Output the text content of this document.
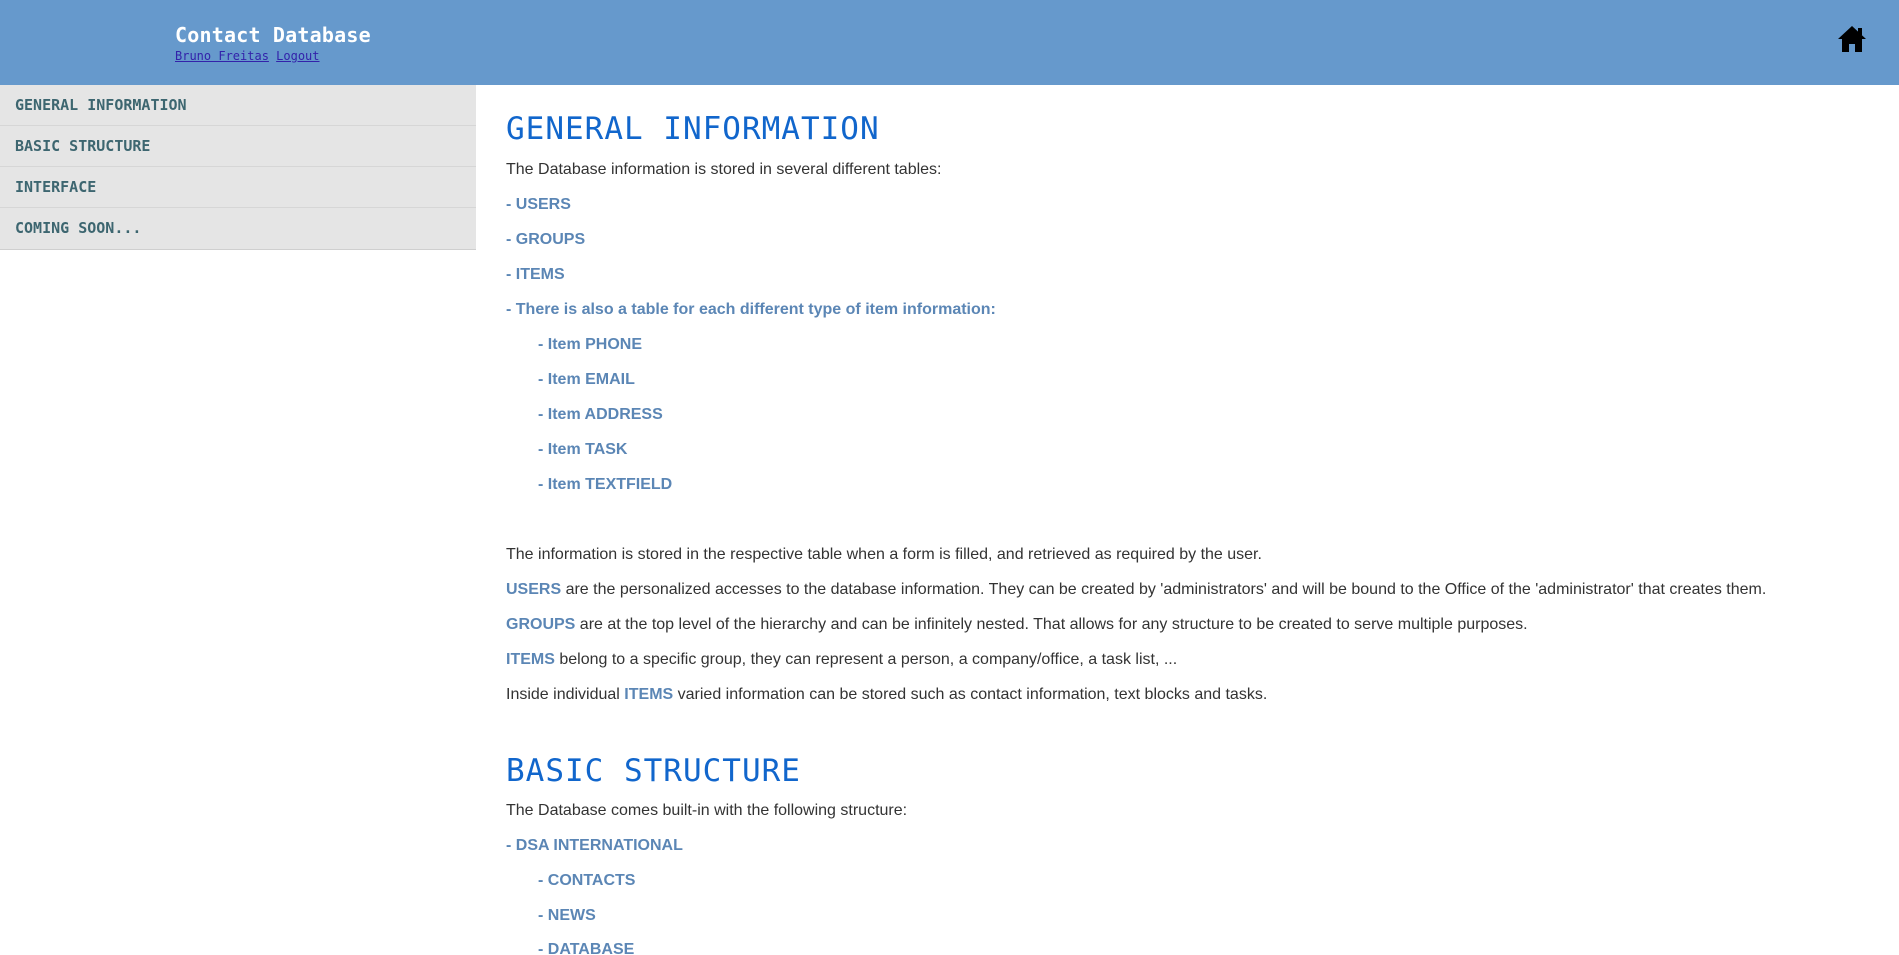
Contact Database
Bruno Freitas Logout
GENERAL INFORMATION
BASIC STRUCTURE
INTERFACE
COMING SOON...
GENERAL INFORMATION
The Database information is stored in several different tables:
- USERS
- GROUPS
- ITEMS
- There is also a table for each different type of item information:
- Item PHONE
- Item EMAIL
- Item ADDRESS
- Item TASK
- Item TEXTFIELD
The information is stored in the respective table when a form is filled, and retrieved as required by the user.
USERS are the personalized accesses to the database information. They can be created by 'administrators' and will be bound to the Office of the 'administrator' that creates them.
GROUPS are at the top level of the hierarchy and can be infinitely nested. That allows for any structure to be created to serve multiple purposes.
ITEMS belong to a specific group, they can represent a person, a company/office, a task list, ...
Inside individual ITEMS varied information can be stored such as contact information, text blocks and tasks.
BASIC STRUCTURE
The Database comes built-in with the following structure:
- DSA INTERNATIONAL
- CONTACTS
- NEWS
- DATABASE
